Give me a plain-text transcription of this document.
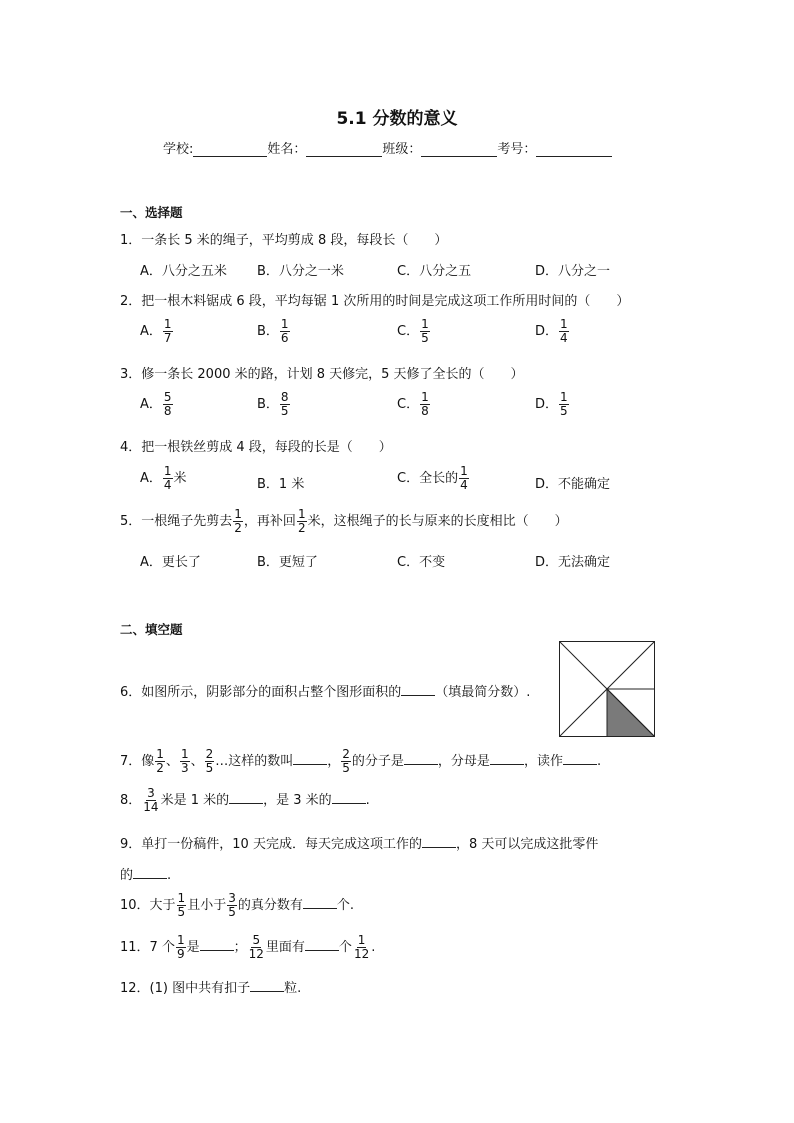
5.1 分数的意义
学校:	姓名：	班级：	考号：
一、选择题
1．一条长 5 米的绳子，平均剪成 8 段，每段长（　　）
A．八分之五米 B．八分之一米	C．八分之五	D．八分之一
2．把一根木料锯成 6 段，平均每锯 1 次所用的时间是完成这项工作所用时间的（　　）
A． $\frac{1}{7}$	B． $\frac{1}{6}$	C． $\frac{1}{5}$	D． $\frac{1}{4}$
3．修一条长 2000 米的路，计划 8 天修完，5 天修了全长的（　　）
A． $\frac{5}{8}$	B． $\frac{8}{5}$	C． $\frac{1}{8}$	D． $\frac{1}{5}$
4．把一根铁丝剪成 4 段，每段的长是（　　）
A． $\frac{1}{4}$ 米	B．1 米	C．全长的 $\frac{1}{4}$	D．不能确定
5．一根绳子先剪去 $\frac{1}{2}$ ，再补回 $\frac{1}{2}$ 米，这根绳子的长与原来的长度相比（　　）
A．更长了	B．更短了	C．不变	D．无法确定
二、填空题
6．如图所示，阴影部分的面积占整个图形面积的	（填最简分数）.
7．像 $\frac{1}{2}$ 、 $\frac{1}{3}$ 、 $\frac{2}{5}$ …这样的数叫	， $\frac{2}{5}$ 的分子是	，分母是	，读作	.
8． $\frac{3}{14}$ 米是 1 米的	，是 3 米的	.
9．单打一份稿件，10 天完成．每天完成这项工作的	，8 天可以完成这批零件
的	.
10．大于 $\frac{1}{5}$ 且小于 $\frac{3}{5}$ 的真分数有	个.
11．7 个 $\frac{1}{9}$ 是	； $\frac{5}{12}$ 里面有	个 $\frac{1}{12}$ .
12．(1) 图中共有扣子	粒.
